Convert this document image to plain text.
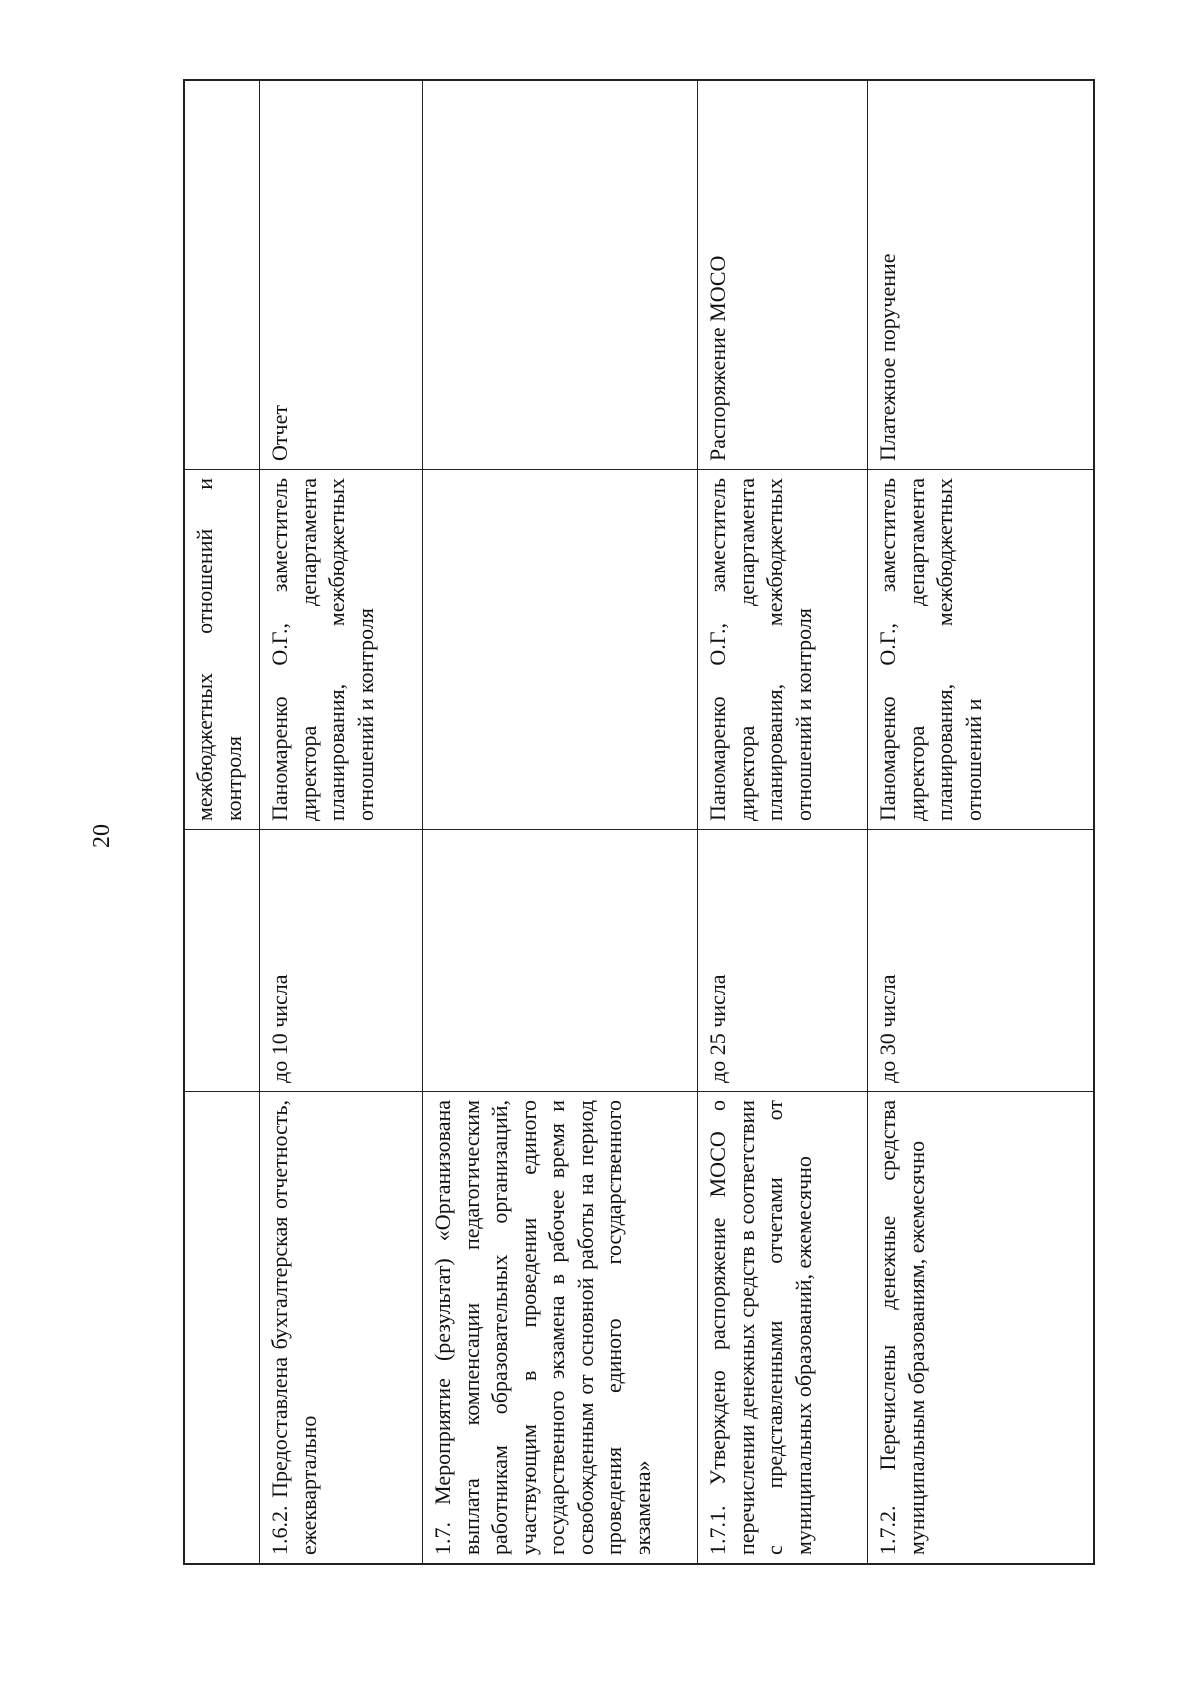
20
межбюджетных отношений и контроля
1.6.2. Предоставлена бухгалтерская отчетность, ежеквартально
до 10 числа
Паномаренко О.Г., заместитель директора департамента планирования, межбюджетных отношений и контроля
Отчет
1.7. Мероприятие (результат) «Организована выплата компенсации педагогическим работникам образовательных организаций, участвующим в проведении единого государственного экзамена в рабочее время и освобожденным от основной работы на период проведения единого государственного экзамена»	1.7.1. Утверждено распоряжение МОСО о перечислении денежных средств в соответствии с представленными отчетами от муниципальных образований, ежемесячно
до 25 числа
Паномаренко О.Г., заместитель директора департамента планирования, межбюджетных отношений и контроля
Распоряжение МОСО
1.7.2. Перечислены денежные средства муниципальным образованиям, ежемесячно
до 30 числа
Паномаренко О.Г., заместитель директора департамента планирования, межбюджетных отношений и
Платежное поручение
